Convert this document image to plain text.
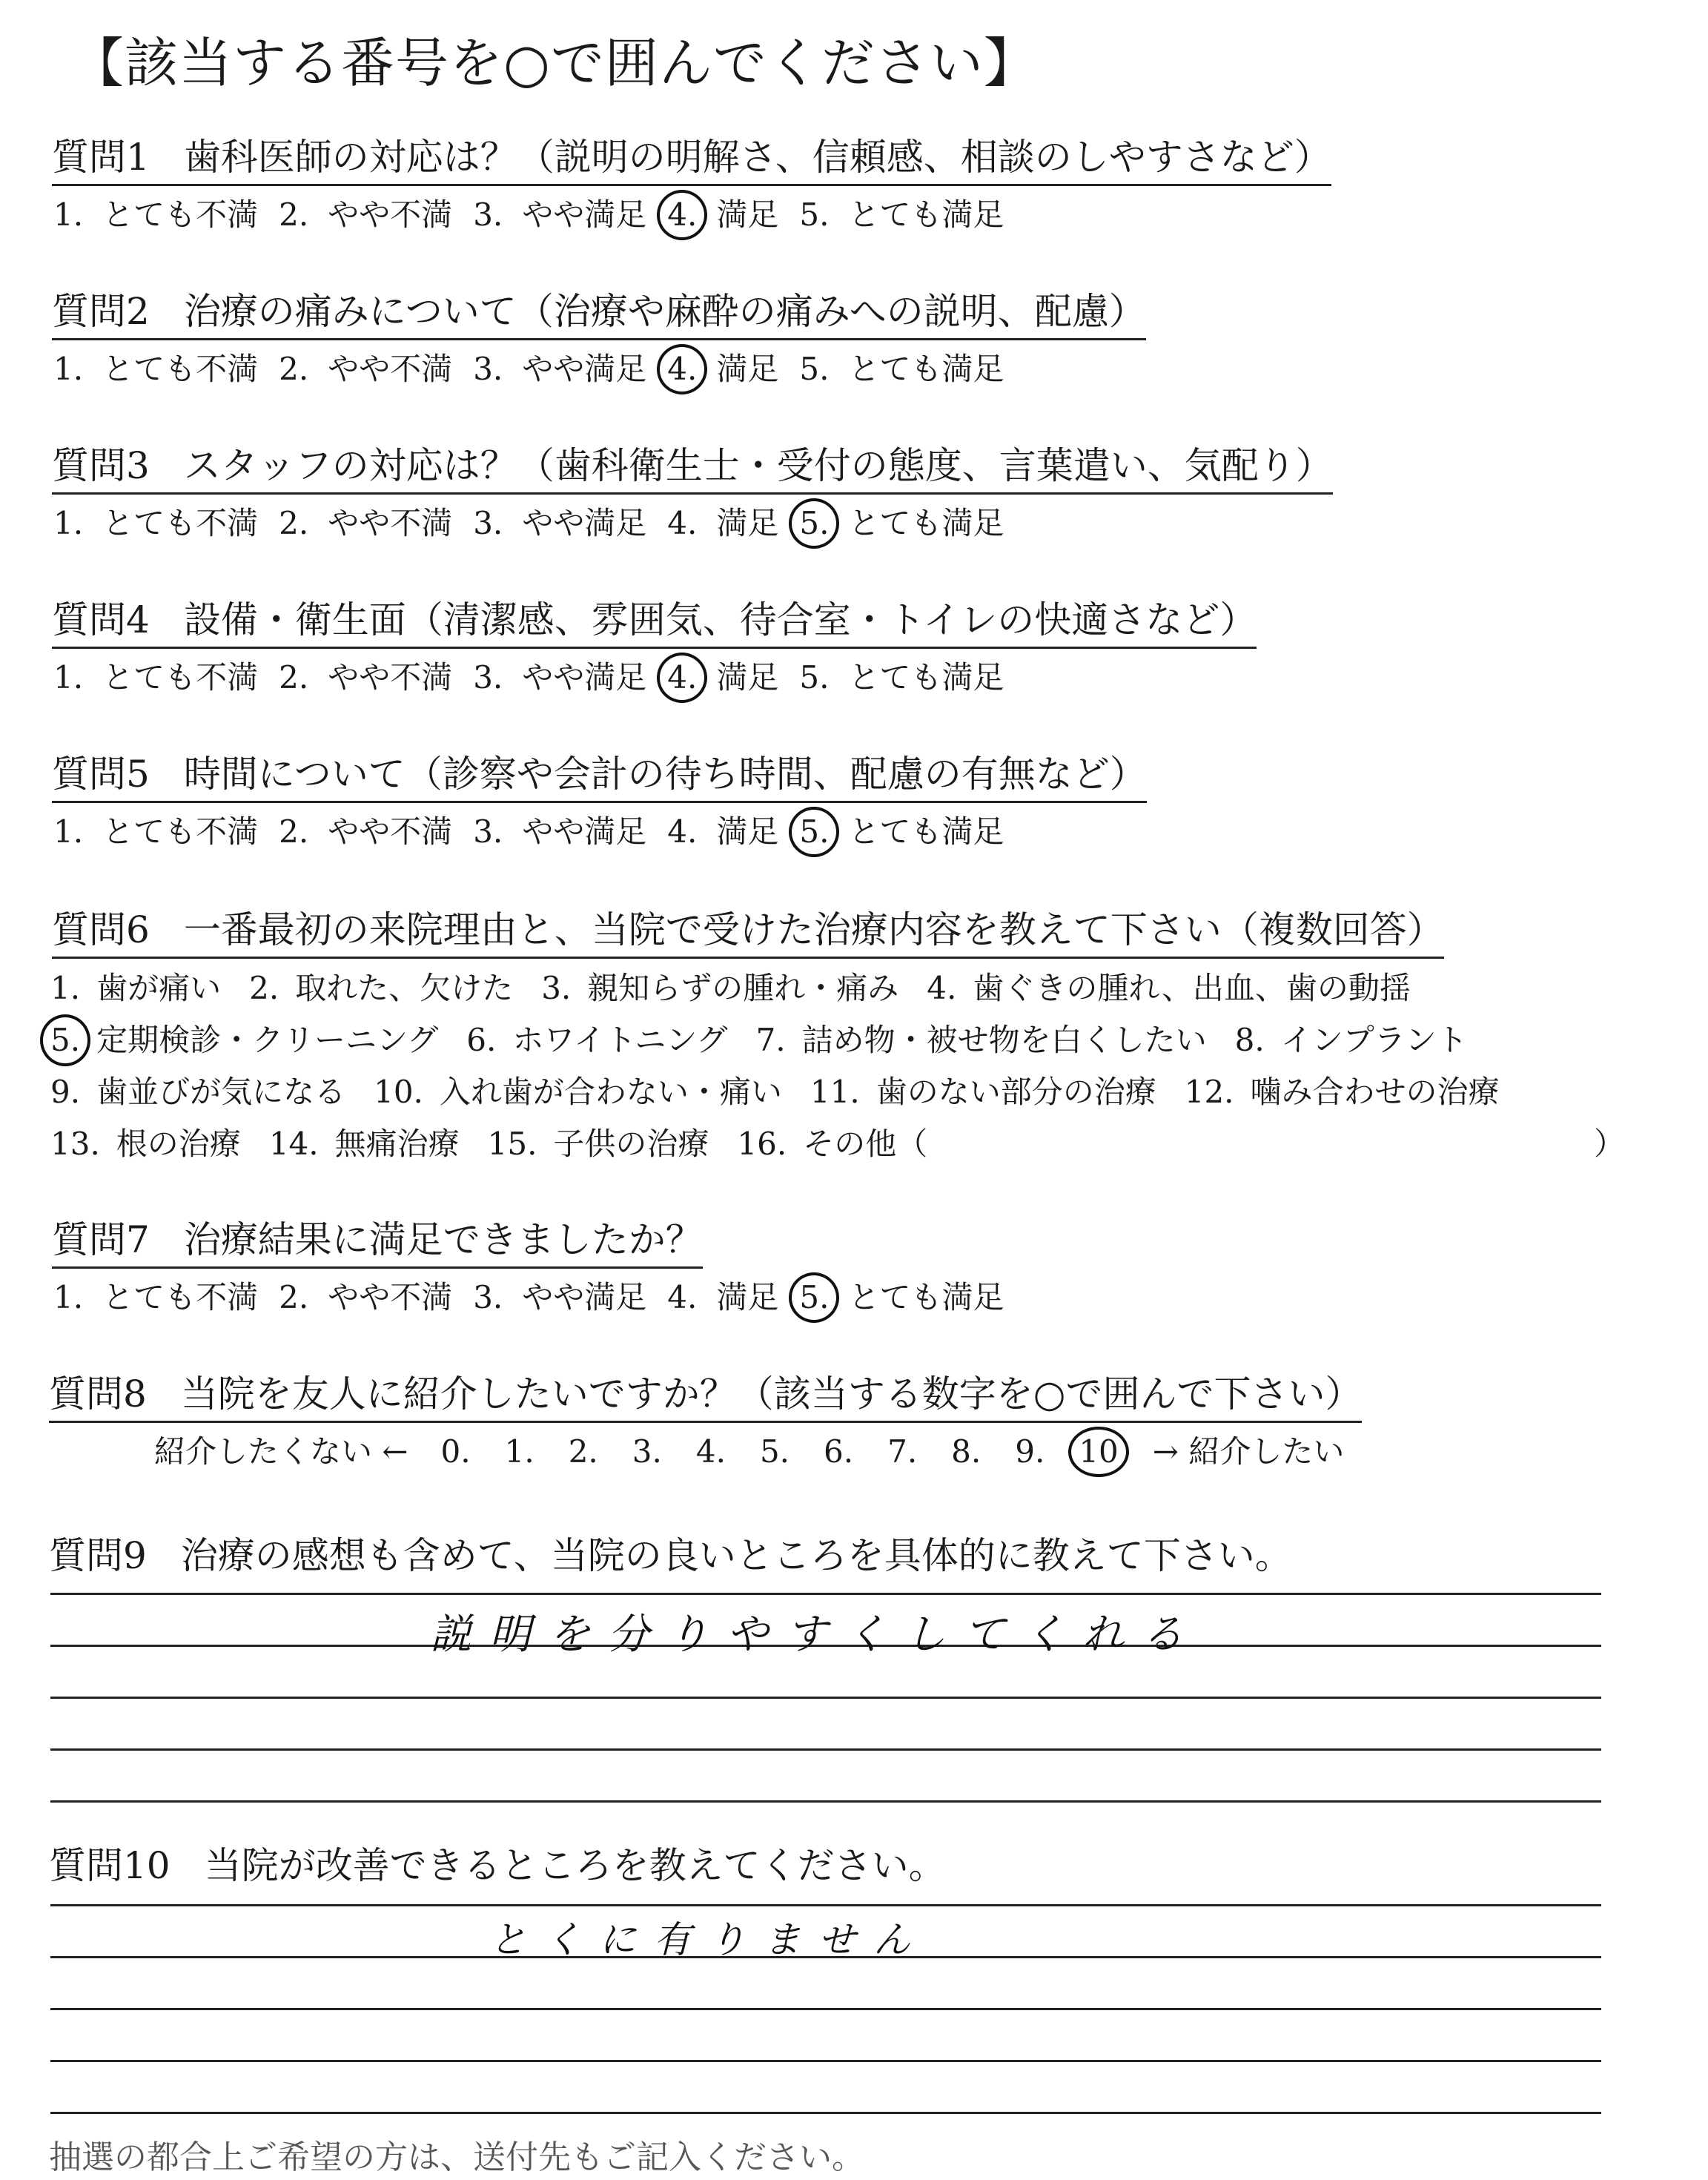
【該当する番号を○で囲んでください】
質問1 歯科医師の対応は？（説明の明解さ、信頼感、相談のしやすさなど）
1. とても不満 2. やや不満 3. やや満足 4. 満足 5. とても満足
質問2 治療の痛みについて（治療や麻酔の痛みへの説明、配慮）
1. とても不満 2. やや不満 3. やや満足 4. 満足 5. とても満足
質問3 スタッフの対応は？（歯科衛生士・受付の態度、言葉遣い、気配り）
1. とても不満 2. やや不満 3. やや満足 4. 満足 5. とても満足
質問4 設備・衛生面（清潔感、雰囲気、待合室・トイレの快適さなど）
1. とても不満 2. やや不満 3. やや満足 4. 満足 5. とても満足
質問5 時間について（診察や会計の待ち時間、配慮の有無など）
1. とても不満 2. やや不満 3. やや満足 4. 満足 5. とても満足
質問6 一番最初の来院理由と、当院で受けた治療内容を教えて下さい（複数回答）
1. 歯が痛い 2. 取れた、欠けた 3. 親知らずの腫れ・痛み 4. 歯ぐきの腫れ、出血、歯の動揺
5. 定期検診・クリーニング 6. ホワイトニング 7. 詰め物・被せ物を白くしたい 8. インプラント
9. 歯並びが気になる 10. 入れ歯が合わない・痛い 11. 歯のない部分の治療 12. 噛み合わせの治療
13. 根の治療 14. 無痛治療 15. 子供の治療 16. その他（	）
質問7 治療結果に満足できましたか？
1. とても不満 2. やや不満 3. やや満足 4. 満足 5. とても満足
質問8 当院を友人に紹介したいですか？（該当する数字を○で囲んで下さい）
紹介したくない ← 0. 1. 2. 3. 4. 5. 6. 7. 8. 9. 10 → 紹介したい
質問9 治療の感想も含めて、当院の良いところを具体的に教えて下さい。
説明を分りやすくしてくれる
質問10 当院が改善できるところを教えてください。
とくに有りません
抽選の都合上ご希望の方は、送付先もご記入ください。
